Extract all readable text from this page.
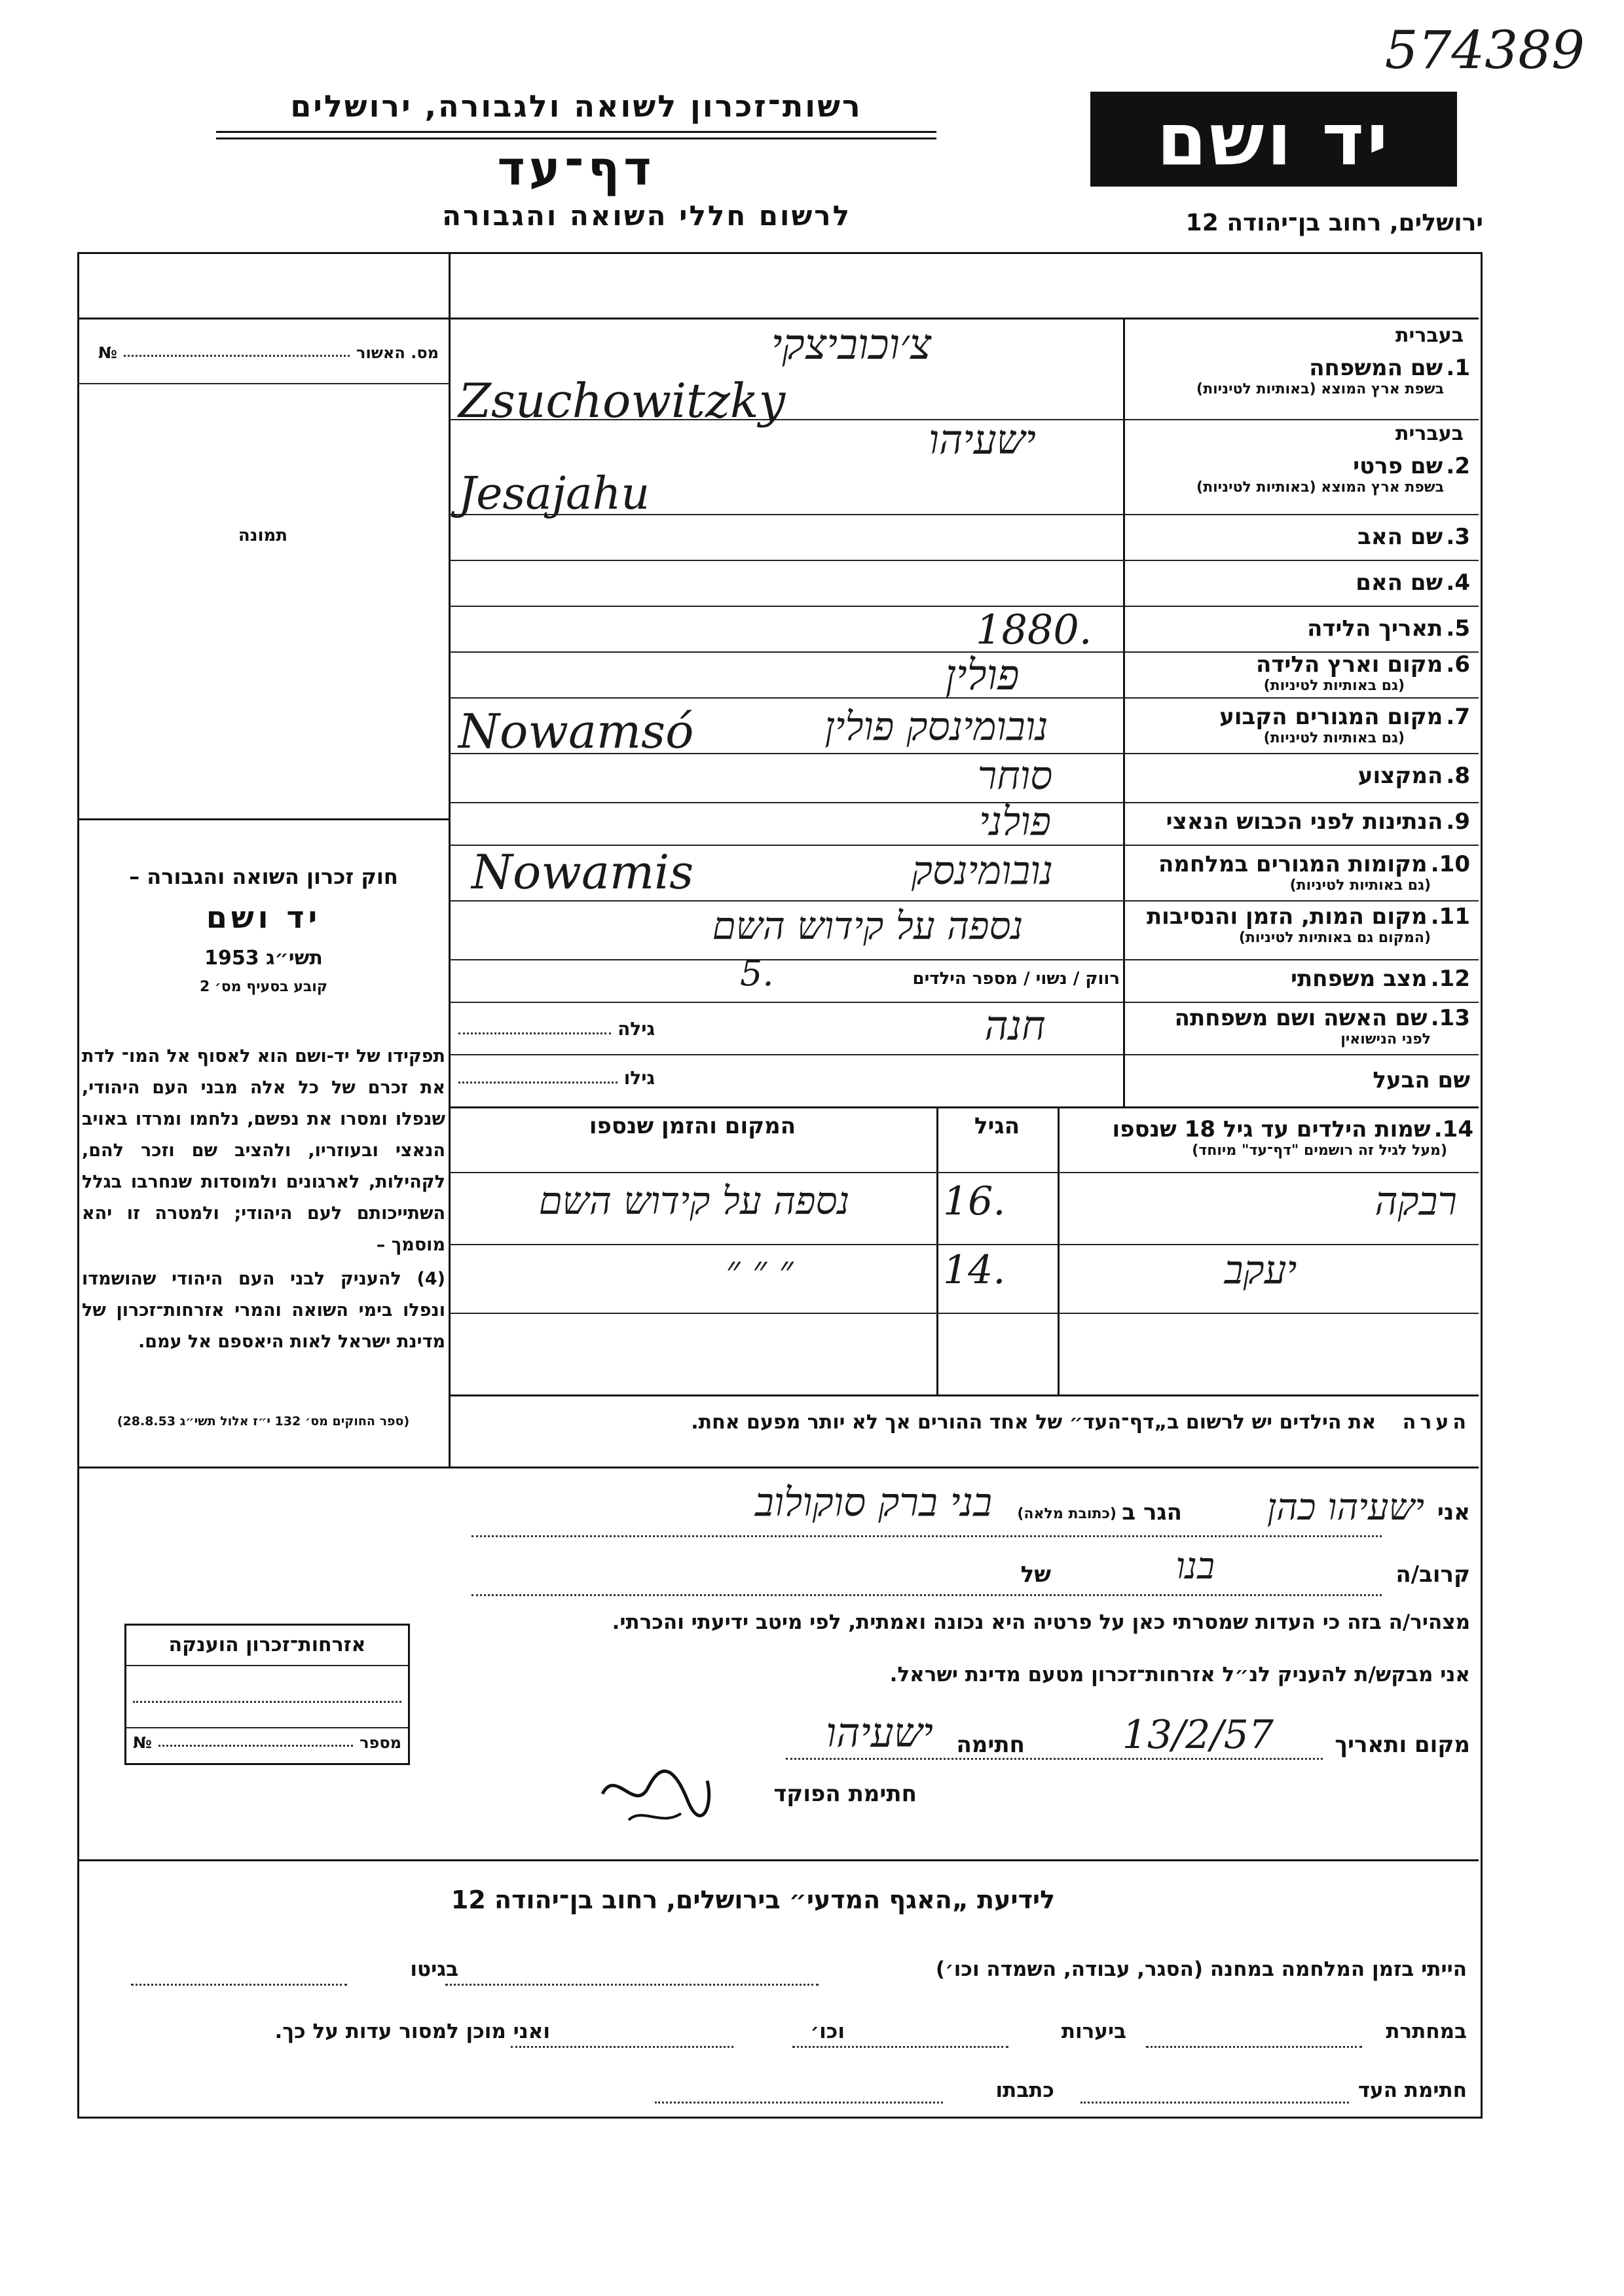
574389
יד ושם
רשות־זכרון לשואה ולגבורה, ירושלים
דף־עד
לרשום חללי השואה והגבורה	ירושלים, רחוב בן־יהודה 12
מס. האשור
№
תמונה
חוק זכרון השואה והגבורה –
יד ושם
תשי״ג 1953
קובע בסעיף מס׳ 2
תפקידו של יד-ושם הוא לאסוף אל המו־ לדת את זכרם של כל אלה מבני העם היהודי, שנפלו ומסרו את נפשם, נלחמו ומרדו באויב הנאצי ובעוזריו, ולהציב שם וזכר להם, לקהילות, לארגונים ולמוסדות שנחרבו בגלל השתייכותם לעם היהודי; ולמטרה זו יהא מוסמך –
(4) להעניק לבני העם היהודי שהושמדו ונפלו בימי השואה והמרי אזרחות־זכרון של מדינת ישראל לאות היאספם אל עמם.
(ספר החוקים מס׳ 132 י״ז אלול תשי״ג 28.8.53)
בעברית
1. שם המשפחה
בשפת ארץ המוצא (באותיות לטיניות)
צ׳וכוביצקי
Zsuchowitzky
בעברית
2. שם פרטי
בשפת ארץ המוצא (באותיות לטיניות)
ישעיהו
Jesajahu
3. שם האב
4. שם האם
5. תאריך הלידה
1880.
6. מקום וארץ הלידה
(גם באותיות לטיניות)
פולין
7. מקום המגורים הקבוע
(גם באותיות לטיניות)
נובומינסק פולין
Nowamsó
8. המקצוע
סוחר
9. הנתינות לפני הכבוש הנאצי
פולני
10. מקומות המגורים במלחמה
(גם באותיות לטיניות)
נובומינסק
Nowamis
11. מקום המות, הזמן והנסיבות
(המקום גם באותיות לטיניות)
נספה על קידוש השם
12. מצב משפחתי
רווק / נשוי / מספר הילדים
5.
13. שם האשה ושם משפחתה
לפני הנישואין
חנה
גילה
שם הבעל
גילו
14. שמות הילדים עד גיל 18 שנספו
(מעל לגיל זה רושמים "דף־עד" מיוחד)
הגיל
המקום והזמן שנספו
רבקה
16.
נספה על קידוש השם
יעקב
14.
״ ״ ״
הערה את הילדים יש לרשום ב„דף־העד״ של אחד ההורים אך לא יותר מפעם אחת.
אני
ישעיהו כהן
הגר ב
(כתובת מלאה)
בני ברק סוקולוב
קרוב/ה
בנו
של
מצהיר/ה בזה כי העדות שמסרתי כאן על פרטיה היא נכונה ואמתית, לפי מיטב ידיעתי והכרתי.
אני מבקש/ת להעניק לנ״ל אזרחות־זכרון מטעם מדינת ישראל.
מקום ותאריך
13/2/57
חתימה
ישעיהו
חתימת הפוקד
אזרחות־זכרון הוענקה
מספר
№
לידיעת „האגף המדעי״ בירושלים, רחוב בן־יהודה 12
הייתי בזמן המלחמה במחנה (הסגר, עבודה, השמדה וכו׳)
בגיטו
במחתרת
ביערות
וכו׳
ואני מוכן למסור עדות על כך.
חתימת העד
כתבתו
